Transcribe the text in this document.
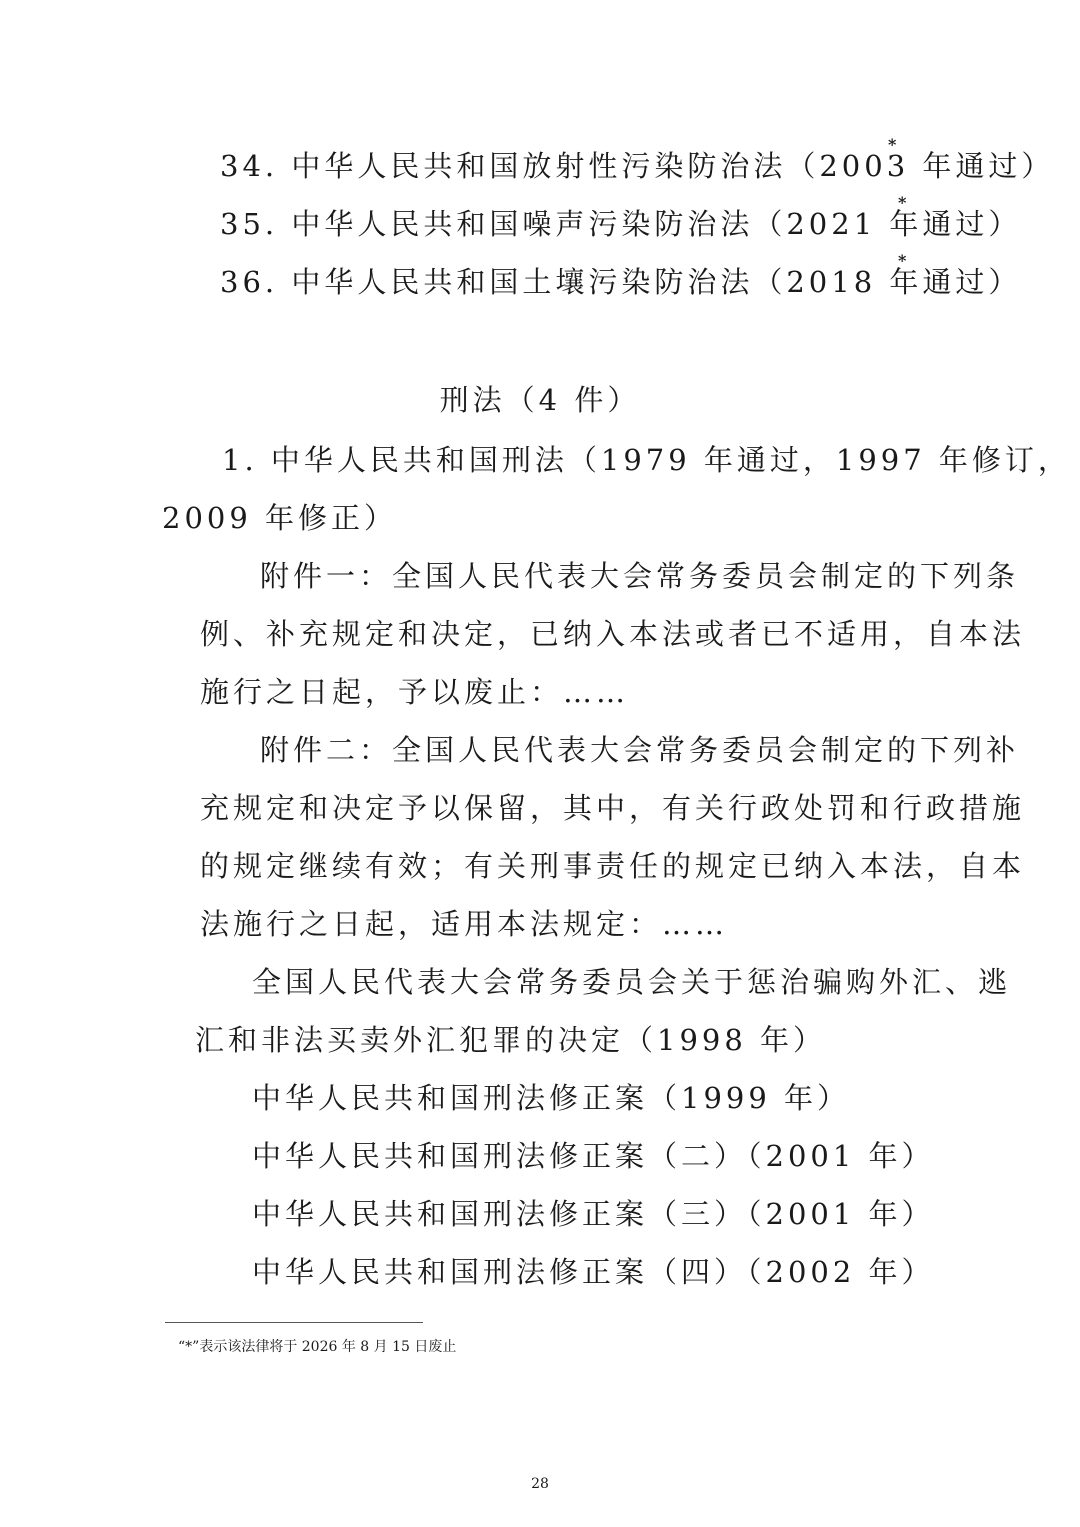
34. 中华人民共和国放射性污染防治法（2003 年通过）
*
35. 中华人民共和国噪声污染防治法（2021 年通过）
*
36. 中华人民共和国土壤污染防治法（2018 年通过）
*
刑法（4 件）
1. 中华人民共和国刑法（1979 年通过，1997 年修订，
2009 年修正）
附件一：全国人民代表大会常务委员会制定的下列条
例、补充规定和决定，已纳入本法或者已不适用，自本法
施行之日起，予以废止：……
附件二：全国人民代表大会常务委员会制定的下列补
充规定和决定予以保留，其中，有关行政处罚和行政措施
的规定继续有效；有关刑事责任的规定已纳入本法，自本
法施行之日起，适用本法规定：……
全国人民代表大会常务委员会关于惩治骗购外汇、逃
汇和非法买卖外汇犯罪的决定（1998 年）
中华人民共和国刑法修正案（1999 年）
中华人民共和国刑法修正案（二）（2001 年）
中华人民共和国刑法修正案（三）（2001 年）
中华人民共和国刑法修正案（四）（2002 年）
“*”表示该法律将于 2026 年 8 月 15 日废止
28
